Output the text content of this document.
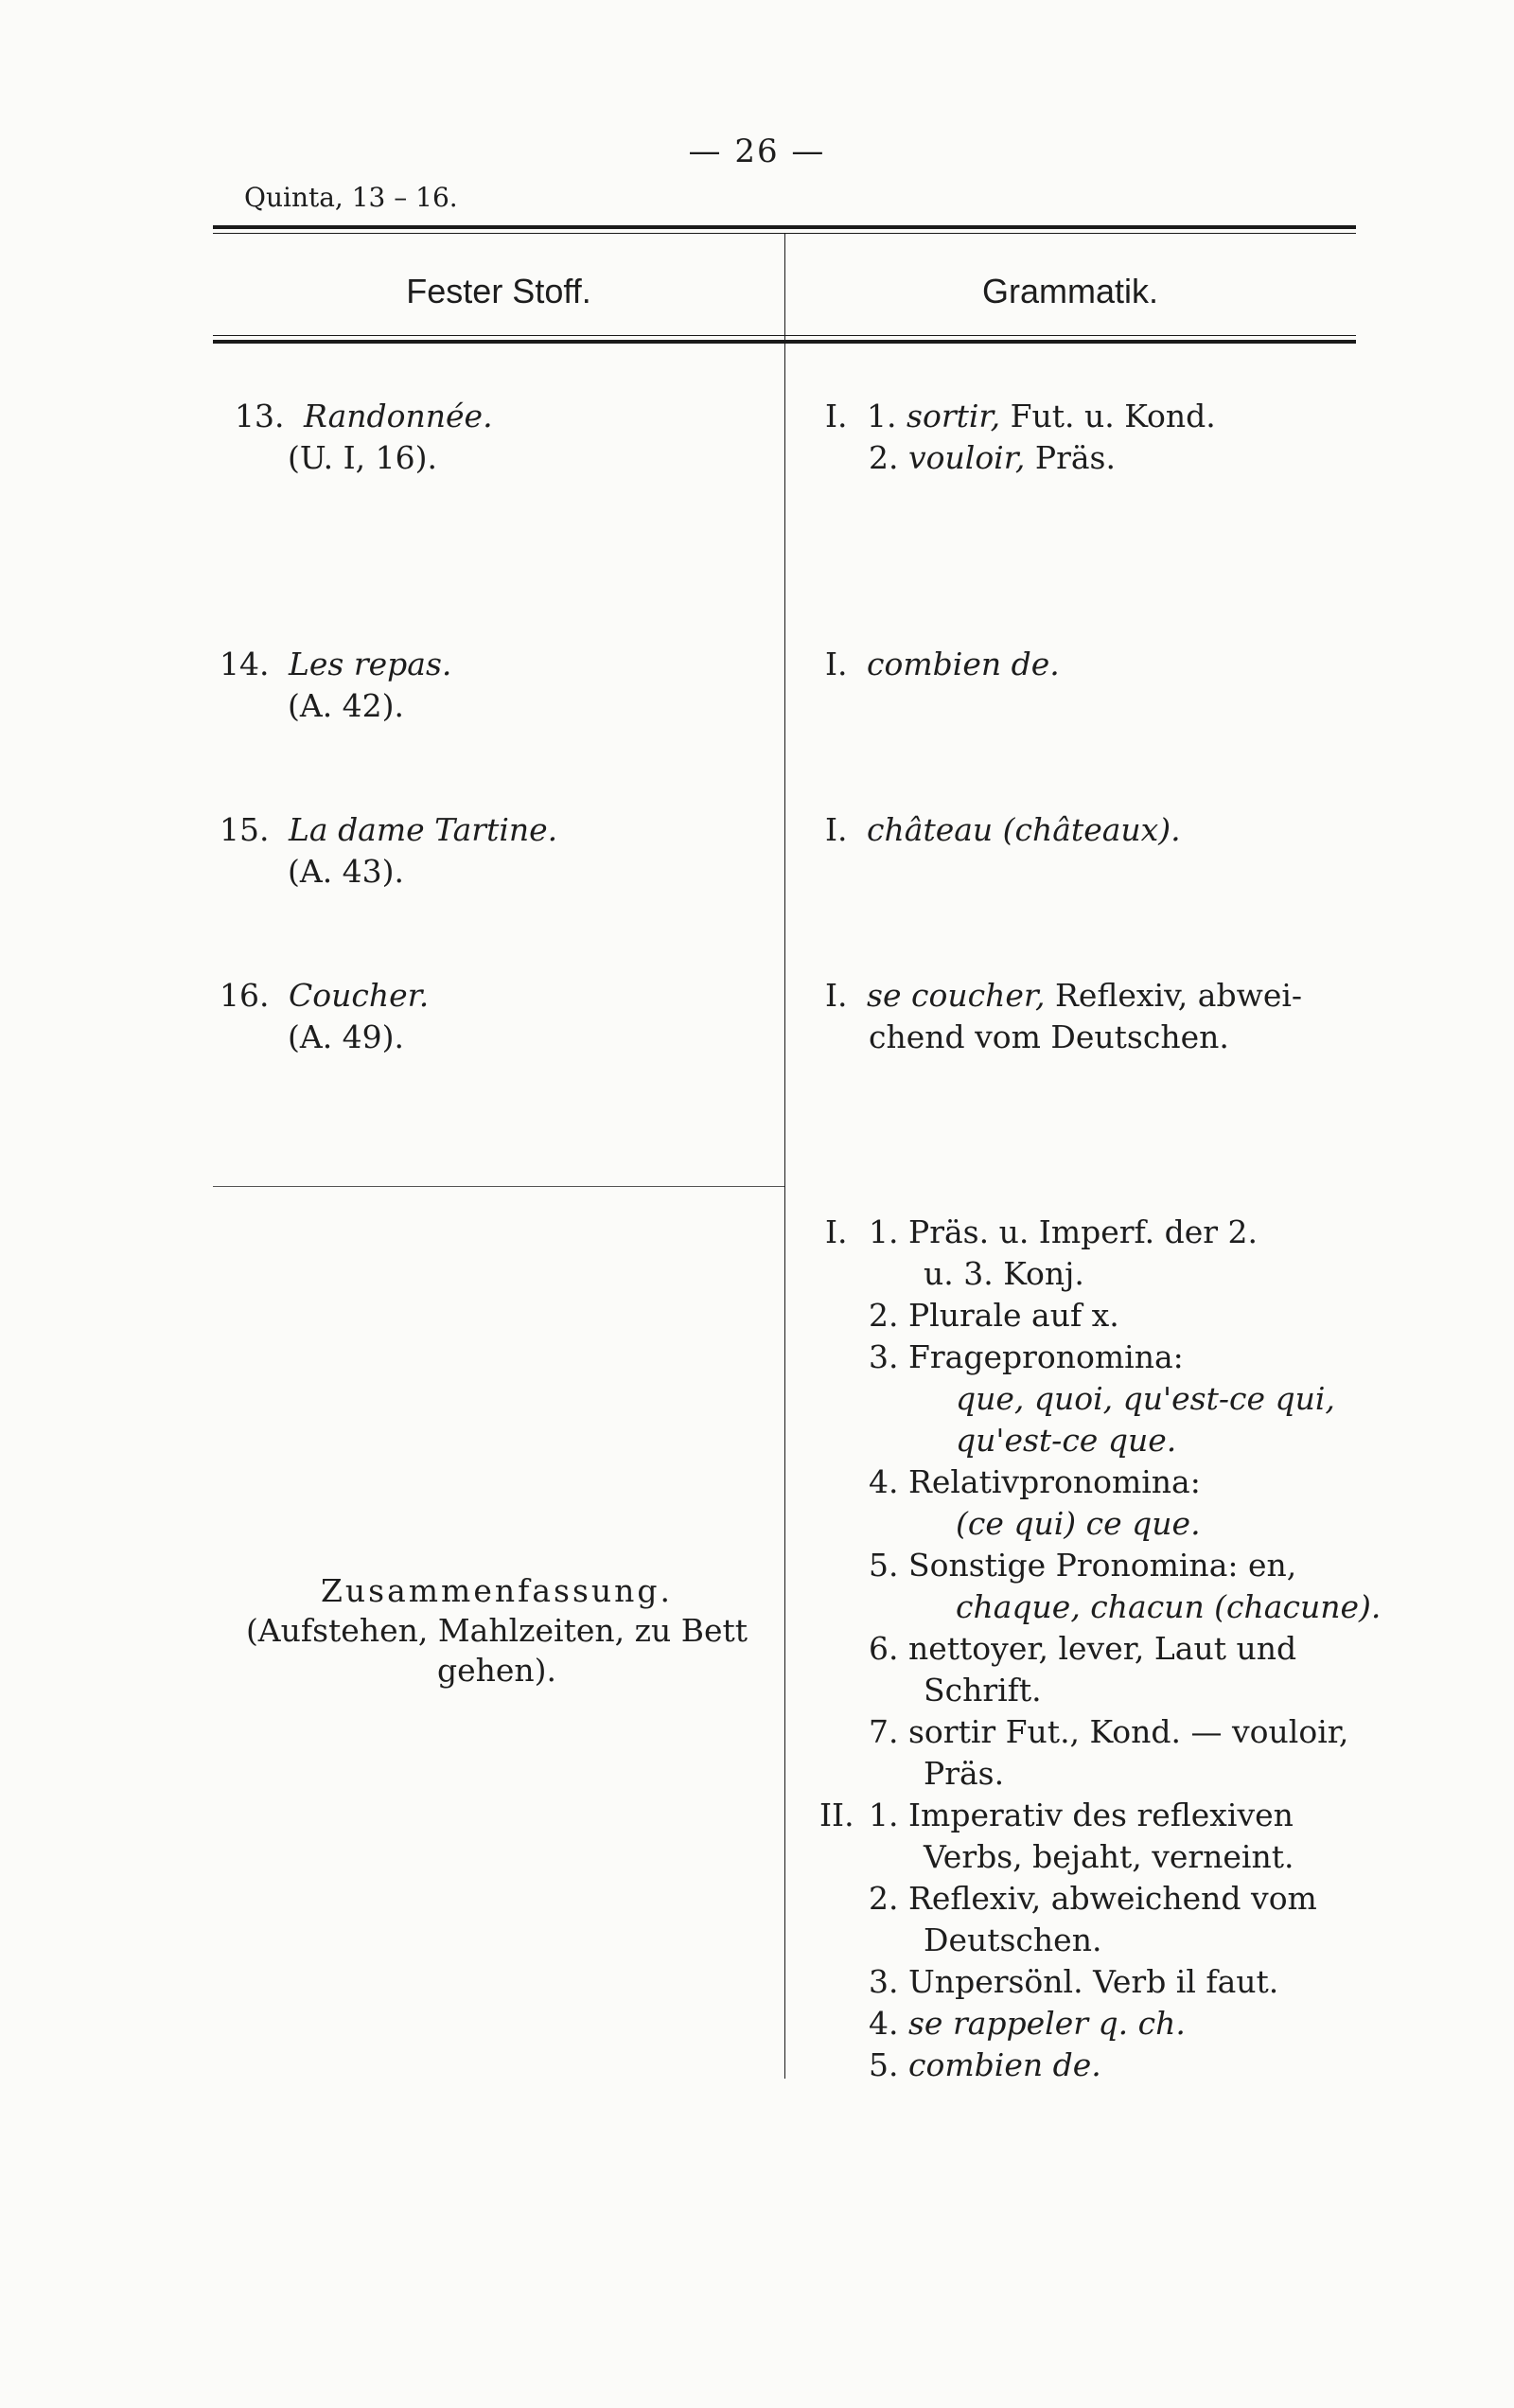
— 26 —
Quinta, 13 – 16.
Fester Stoff.	Grammatik.
13. Randonnée.
(U. I, 16).
14. Les repas.
(A. 42).
15. La dame Tartine.
(A. 43).
16. Coucher.
(A. 49).
I. 1. sortir, Fut. u. Kond.
2. vouloir, Präs.
I. combien de.
I. château (châteaux).
I. se coucher, Reflexiv, abwei-
chend vom Deutschen.
Zusammenfassung.
(Aufstehen, Mahlzeiten, zu Bett gehen).
I. 1. Präs. u. Imperf. der 2.
u. 3. Konj.
2. Plurale auf x.
3. Fragepronomina:
que, quoi, qu'est-ce qui,
qu'est-ce que.
4. Relativpronomina:
(ce qui) ce que.
5. Sonstige Pronomina: en,
chaque, chacun (chacune).
6. nettoyer, lever, Laut und
Schrift.
7. sortir Fut., Kond. — vouloir,
Präs.
II. 1. Imperativ des reflexiven
Verbs, bejaht, verneint.
2. Reflexiv, abweichend vom
Deutschen.
3. Unpersönl. Verb il faut.
4. se rappeler q. ch.
5. combien de.
